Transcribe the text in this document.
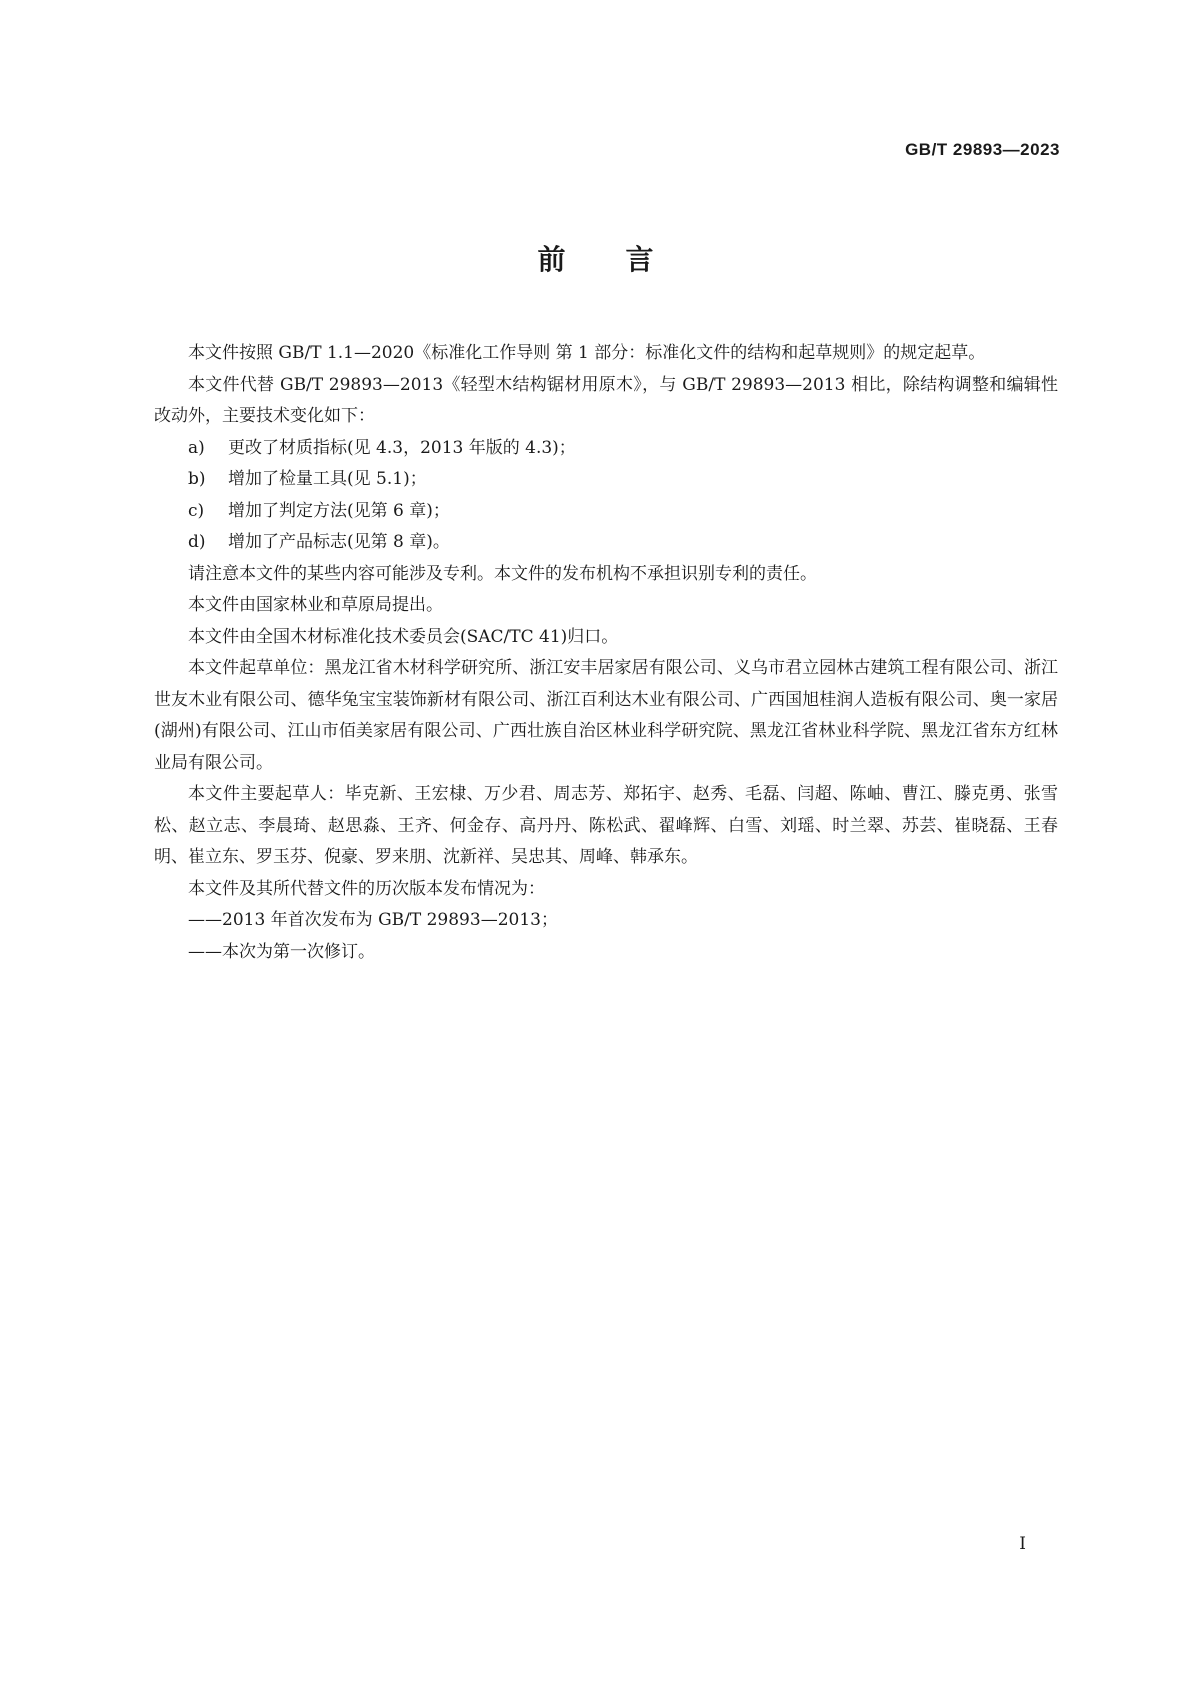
GB/T 29893—2023
前言

本文件按照 GB/T 1.1—2020《标准化工作导则 第 1 部分：标准化文件的结构和起草规则》的规定起草。

本文件代替 GB/T 29893—2013《轻型木结构锯材用原木》，与 GB/T 29893—2013 相比，除结构调整和编辑性改动外，主要技术变化如下：

a) 更改了材质指标(见 4.3，2013 年版的 4.3)；

b) 增加了检量工具(见 5.1)；

c) 增加了判定方法(见第 6 章)；

d) 增加了产品标志(见第 8 章)。

请注意本文件的某些内容可能涉及专利。本文件的发布机构不承担识别专利的责任。

本文件由国家林业和草原局提出。

本文件由全国木材标准化技术委员会(SAC/TC 41)归口。

本文件起草单位：黑龙江省木材科学研究所、浙江安丰居家居有限公司、义乌市君立园林古建筑工程有限公司、浙江世友木业有限公司、德华兔宝宝装饰新材有限公司、浙江百利达木业有限公司、广西国旭桂润人造板有限公司、奥一家居(湖州)有限公司、江山市佰美家居有限公司、广西壮族自治区林业科学研究院、黑龙江省林业科学院、黑龙江省东方红林业局有限公司。

本文件主要起草人：毕克新、王宏棣、万少君、周志芳、郑拓宇、赵秀、毛磊、闫超、陈岫、曹江、滕克勇、张雪松、赵立志、李晨琦、赵思淼、王齐、何金存、高丹丹、陈松武、翟峰辉、白雪、刘瑶、时兰翠、苏芸、崔晓磊、王春明、崔立东、罗玉芬、倪豪、罗来朋、沈新祥、吴忠其、周峰、韩承东。

本文件及其所代替文件的历次版本发布情况为：

——2013 年首次发布为 GB/T 29893—2013；

——本次为第一次修订。

I
